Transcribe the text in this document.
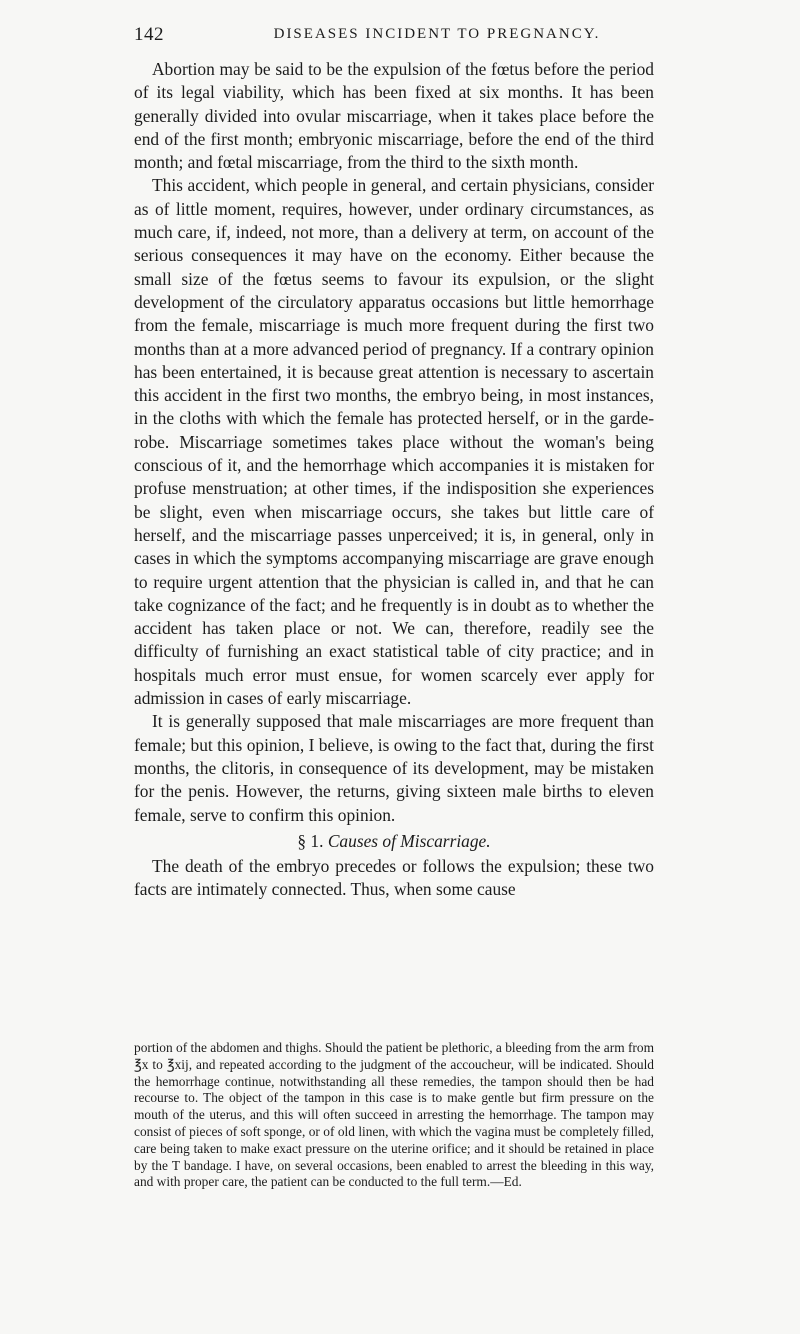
142	DISEASES INCIDENT TO PREGNANCY.

Abortion may be said to be the expulsion of the fœtus before the period of its legal viability, which has been fixed at six months. It has been generally divided into ovular miscarriage, when it takes place before the end of the first month; embryonic miscarriage, before the end of the third month; and fœtal miscarriage, from the third to the sixth month.

This accident, which people in general, and certain physicians, consider as of little moment, requires, however, under ordinary circumstances, as much care, if, indeed, not more, than a delivery at term, on account of the serious consequences it may have on the economy. Either because the small size of the fœtus seems to favour its expulsion, or the slight development of the circulatory apparatus occasions but little hemorrhage from the female, miscarriage is much more frequent during the first two months than at a more advanced period of pregnancy. If a contrary opinion has been entertained, it is because great attention is necessary to ascertain this accident in the first two months, the embryo being, in most instances, in the cloths with which the female has protected herself, or in the garde-robe. Miscarriage sometimes takes place without the woman's being conscious of it, and the hemorrhage which accompanies it is mistaken for profuse menstruation; at other times, if the indisposition she experiences be slight, even when miscarriage occurs, she takes but little care of herself, and the miscarriage passes unperceived; it is, in general, only in cases in which the symptoms accompanying miscarriage are grave enough to require urgent attention that the physician is called in, and that he can take cognizance of the fact; and he frequently is in doubt as to whether the accident has taken place or not. We can, therefore, readily see the difficulty of furnishing an exact statistical table of city practice; and in hospitals much error must ensue, for women scarcely ever apply for admission in cases of early miscarriage.

It is generally supposed that male miscarriages are more frequent than female; but this opinion, I believe, is owing to the fact that, during the first months, the clitoris, in consequence of its development, may be mistaken for the penis. However, the returns, giving sixteen male births to eleven female, serve to confirm this opinion.

§ 1. Causes of Miscarriage.

The death of the embryo precedes or follows the expulsion; these two facts are intimately connected. Thus, when some cause

portion of the abdomen and thighs. Should the patient be plethoric, a bleeding from the arm from ℥x to ℥xij, and repeated according to the judgment of the accoucheur, will be indicated. Should the hemorrhage continue, notwithstanding all these remedies, the tampon should then be had recourse to. The object of the tampon in this case is to make gentle but firm pressure on the mouth of the uterus, and this will often succeed in arresting the hemorrhage. The tampon may consist of pieces of soft sponge, or of old linen, with which the vagina must be completely filled, care being taken to make exact pressure on the uterine orifice; and it should be retained in place by the T bandage. I have, on several occasions, been enabled to arrest the bleeding in this way, and with proper care, the patient can be conducted to the full term.—Ed.
